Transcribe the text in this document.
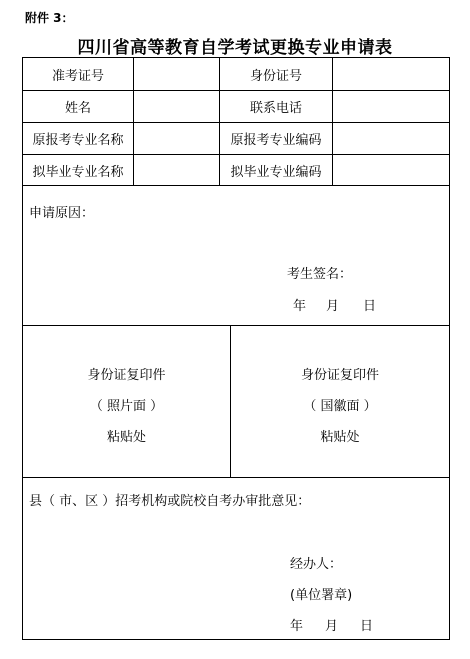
附件 3：
四川省高等教育自学考试更换专业申请表
准考证号	身份证号
姓名	联系电话
原报考专业名称	原报考专业编码
拟毕业专业名称	拟毕业专业编码
申请原因：
考生签名：
年 月 日
身份证复印件
（ 照片面 ）
粘贴处
身份证复印件
（ 国徽面 ）
粘贴处
县（ 市、区 ）招考机构或院校自考办审批意见：
经办人：
(单位署章)
年 月 日
